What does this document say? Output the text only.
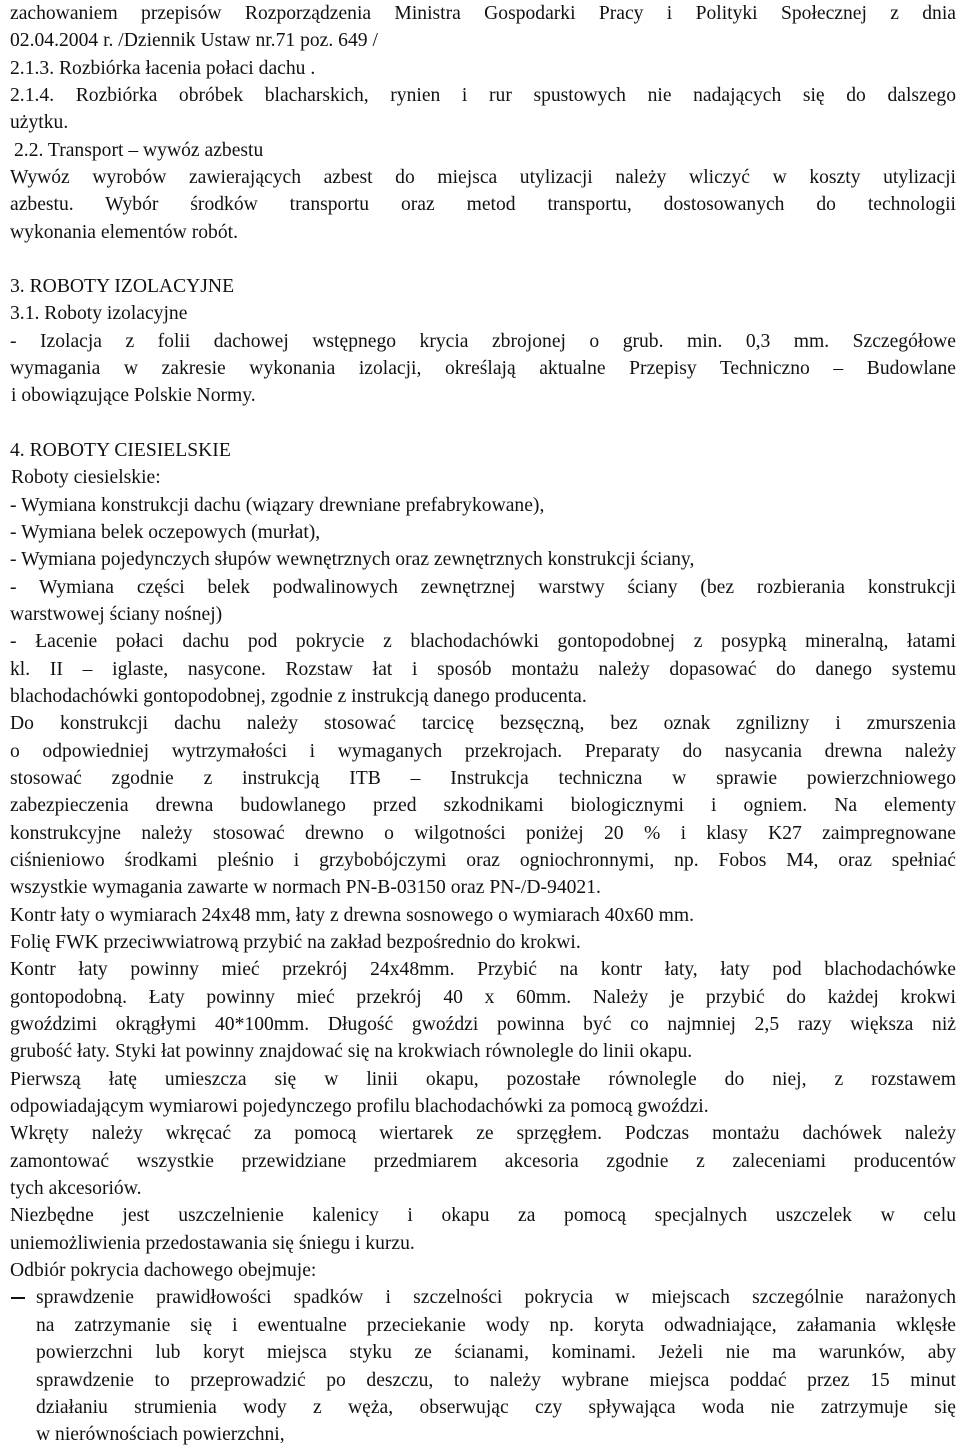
zachowaniem przepisów Rozporządzenia Ministra Gospodarki Pracy i Polityki Społecznej z dnia

02.04.2004 r. /Dziennik Ustaw nr.71 poz. 649 /

2.1.3. Rozbiórka łacenia połaci dachu .

2.1.4. Rozbiórka obróbek blacharskich, rynien i rur spustowych nie nadających się do dalszego

użytku.

2.2. Transport – wywóz azbestu

Wywóz wyrobów zawierających azbest do miejsca utylizacji należy wliczyć w koszty utylizacji

azbestu. Wybór środków transportu oraz metod transportu, dostosowanych do technologii

wykonania elementów robót.

3. ROBOTY IZOLACYJNE

3.1. Roboty izolacyjne

- Izolacja z folii dachowej wstępnego krycia zbrojonej o grub. min. 0,3 mm. Szczegółowe

wymagania w zakresie wykonania izolacji, określają aktualne Przepisy Techniczno – Budowlane

i obowiązujące Polskie Normy.

4. ROBOTY CIESIELSKIE

Roboty ciesielskie:

- Wymiana konstrukcji dachu (wiązary drewniane prefabrykowane),

- Wymiana belek oczepowych (murłat),

- Wymiana pojedynczych słupów wewnętrznych oraz zewnętrznych konstrukcji ściany,

- Wymiana części belek podwalinowych zewnętrznej warstwy ściany (bez rozbierania konstrukcji

warstwowej ściany nośnej)

- Łacenie połaci dachu pod pokrycie z blachodachówki gontopodobnej z posypką mineralną, łatami

kl. II – iglaste, nasycone. Rozstaw łat i sposób montażu należy dopasować do danego systemu

blachodachówki gontopodobnej, zgodnie z instrukcją danego producenta.

Do konstrukcji dachu należy stosować tarcicę bezsęczną, bez oznak zgnilizny i zmurszenia

o odpowiedniej wytrzymałości i wymaganych przekrojach. Preparaty do nasycania drewna należy

stosować zgodnie z instrukcją ITB – Instrukcja techniczna w sprawie powierzchniowego

zabezpieczenia drewna budowlanego przed szkodnikami biologicznymi i ogniem. Na elementy

konstrukcyjne należy stosować drewno o wilgotności poniżej 20 % i klasy K27 zaimpregnowane

ciśnieniowo środkami pleśnio i grzybobójczymi oraz ogniochronnymi, np. Fobos M4, oraz spełniać

wszystkie wymagania zawarte w normach PN-B-03150 oraz PN-/D-94021.

Kontr łaty o wymiarach 24x48 mm, łaty z drewna sosnowego o wymiarach 40x60 mm.

Folię FWK przeciwwiatrową przybić na zakład bezpośrednio do krokwi.

Kontr łaty powinny mieć przekrój 24x48mm. Przybić na kontr łaty, łaty pod blachodachówke

gontopodobną. Łaty powinny mieć przekrój 40 x 60mm. Należy je przybić do każdej krokwi

gwoździmi okrągłymi 40*100mm. Długość gwoździ powinna być co najmniej 2,5 razy większa niż

grubość łaty. Styki łat powinny znajdować się na krokwiach równolegle do linii okapu.

Pierwszą łatę umieszcza się w linii okapu, pozostałe równolegle do niej, z rozstawem

odpowiadającym wymiarowi pojedynczego profilu blachodachówki za pomocą gwoździ.

Wkręty należy wkręcać za pomocą wiertarek ze sprzęgłem. Podczas montażu dachówek należy

zamontować wszystkie przewidziane przedmiarem akcesoria zgodnie z zaleceniami producentów

tych akcesoriów.

Niezbędne jest uszczelnienie kalenicy i okapu za pomocą specjalnych uszczelek w celu

uniemożliwienia przedostawania się śniegu i kurzu.

Odbiór pokrycia dachowego obejmuje:

sprawdzenie prawidłowości spadków i szczelności pokrycia w miejscach szczególnie narażonych

na zatrzymanie się i ewentualne przeciekanie wody np. koryta odwadniające, załamania wklęsłe

powierzchni lub koryt miejsca styku ze ścianami, kominami. Jeżeli nie ma warunków, aby

sprawdzenie to przeprowadzić po deszczu, to należy wybrane miejsca poddać przez 15 minut

działaniu strumienia wody z węża, obserwując czy spływająca woda nie zatrzymuje się

w nierównościach powierzchni,
